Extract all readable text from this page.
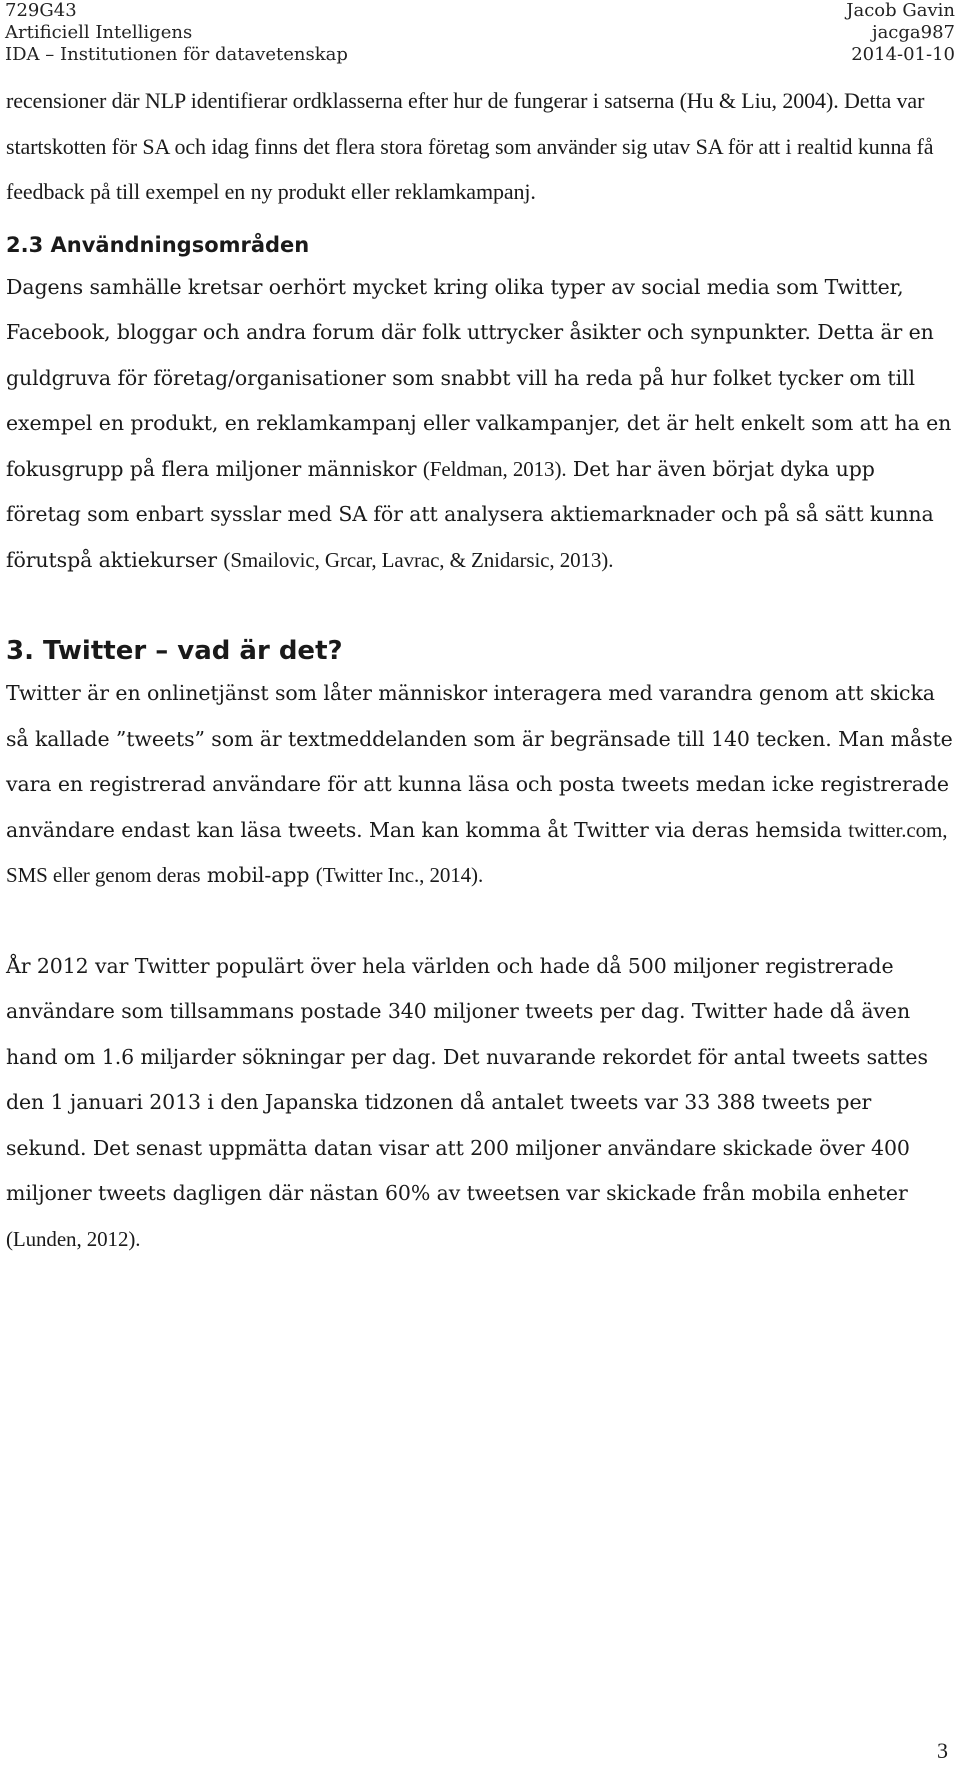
729G43	Jacob Gavin
Artificiell Intelligens	jacga987
IDA – Institutionen för datavetenskap	2014-01-10

recensioner där NLP identifierar ordklasserna efter hur de fungerar i satserna (Hu & Liu, 2004). Detta var startskotten för SA och idag finns det flera stora företag som använder sig utav SA för att i realtid kunna få feedback på till exempel en ny produkt eller reklamkampanj.

2.3 Användningsområden

Dagens samhälle kretsar oerhört mycket kring olika typer av social media som Twitter, Facebook, bloggar och andra forum där folk uttrycker åsikter och synpunkter. Detta är en guldgruva för företag/organisationer som snabbt vill ha reda på hur folket tycker om till exempel en produkt, en reklamkampanj eller valkampanjer, det är helt enkelt som att ha en fokusgrupp på flera miljoner människor (Feldman, 2013). Det har även börjat dyka upp företag som enbart sysslar med SA för att analysera aktiemarknader och på så sätt kunna förutspå aktiekurser (Smailovic, Grcar, Lavrac, & Znidarsic, 2013).

3. Twitter – vad är det?

Twitter är en onlinetjänst som låter människor interagera med varandra genom att skicka så kallade ”tweets” som är textmeddelanden som är begränsade till 140 tecken. Man måste vara en registrerad användare för att kunna läsa och posta tweets medan icke registrerade användare endast kan läsa tweets. Man kan komma åt Twitter via deras hemsida twitter.com, SMS eller genom deras mobil-app (Twitter Inc., 2014).

År 2012 var Twitter populärt över hela världen och hade då 500 miljoner registrerade användare som tillsammans postade 340 miljoner tweets per dag. Twitter hade då även hand om 1.6 miljarder sökningar per dag. Det nuvarande rekordet för antal tweets sattes den 1 januari 2013 i den Japanska tidzonen då antalet tweets var 33 388 tweets per sekund. Det senast uppmätta datan visar att 200 miljoner användare skickade över 400 miljoner tweets dagligen där nästan 60% av tweetsen var skickade från mobila enheter (Lunden, 2012).

3
